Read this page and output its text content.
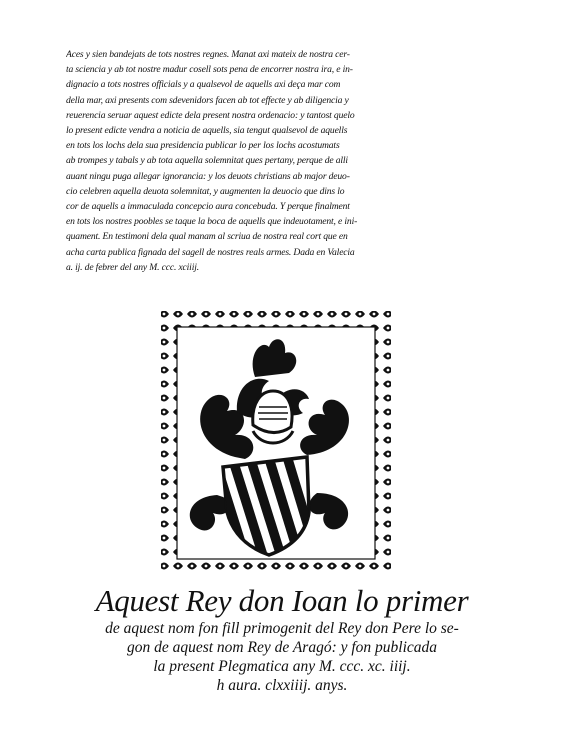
Aces y sien bandejats de tots nostres regnes. Manat axi mateix de nostra cer-
ta sciencia y ab tot nostre madur cosell sots pena de encorrer nostra ira, e in-
dignacio a tots nostres officials y a qualsevol de aquells axi deça mar com
della mar, axi presents com sdevenidors facen ab tot effecte y ab diligencia y
reuerencia seruar aquest edicte dela present nostra ordenacio: y tantost quelo
lo present edicte vendra a noticia de aquells, sia tengut qualsevol de aquells
en tots los lochs dela sua presidencia publicar lo per los lochs acostumats
ab trompes y tabals y ab tota aquella solemnitat ques pertany, perque de alli
auant ningu puga allegar ignorancia: y los deuots christians ab major deuo-
cio celebren aquella deuota solemnitat, y augmenten la deuocio que dins lo
cor de aquells a immaculada concepcio aura concebuda. Y perque finalment
en tots los nostres poobles se taque la boca de aquells que indeuotament, e ini-
quament. En testimoni dela qual manam al scriua de nostra real cort que en
acha carta publica fignada del sagell de nostres reals armes. Dada en Valecia
a. ij. de febrer del any M. ccc. xciiij.
Aquest Rey don Ioan lo primer
de aquest nom fon fill primogenit del Rey don Pere lo se-
gon de aquest nom Rey de Aragó: y fon publicada
la present Plegmatica any M. ccc. xc. iiij.
h aura. clxxiiij. anys.
